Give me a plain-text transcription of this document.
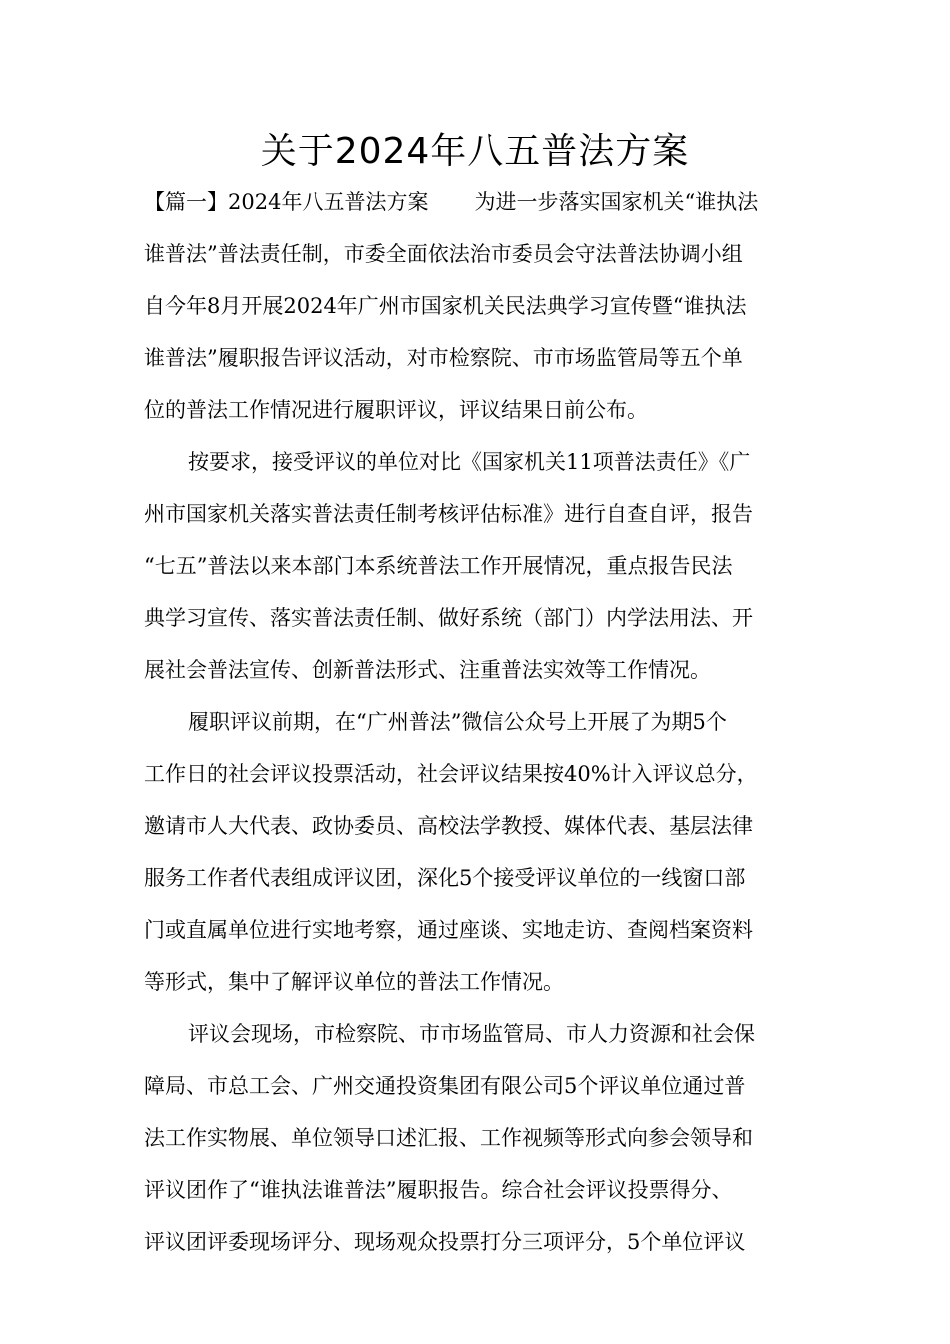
关于2024年八五普法方案

【篇一】2024年八五普法方案 为进一步落实国家机关“谁执法
谁普法”普法责任制，市委全面依法治市委员会守法普法协调小组
自今年8月开展2024年广州市国家机关民法典学习宣传暨“谁执法
谁普法”履职报告评议活动，对市检察院、市市场监管局等五个单
位的普法工作情况进行履职评议，评议结果日前公布。

按要求，接受评议的单位对比《国家机关11项普法责任》《广
州市国家机关落实普法责任制考核评估标准》进行自查自评，报告
“七五”普法以来本部门本系统普法工作开展情况，重点报告民法
典学习宣传、落实普法责任制、做好系统（部门）内学法用法、开
展社会普法宣传、创新普法形式、注重普法实效等工作情况。

履职评议前期，在“广州普法”微信公众号上开展了为期5个
工作日的社会评议投票活动，社会评议结果按40%计入评议总分，
邀请市人大代表、政协委员、高校法学教授、媒体代表、基层法律
服务工作者代表组成评议团，深化5个接受评议单位的一线窗口部
门或直属单位进行实地考察，通过座谈、实地走访、查阅档案资料
等形式，集中了解评议单位的普法工作情况。

评议会现场，市检察院、市市场监管局、市人力资源和社会保
障局、市总工会、广州交通投资集团有限公司5个评议单位通过普
法工作实物展、单位领导口述汇报、工作视频等形式向参会领导和
评议团作了“谁执法谁普法”履职报告。综合社会评议投票得分、
评议团评委现场评分、现场观众投票打分三项评分，5个单位评议
